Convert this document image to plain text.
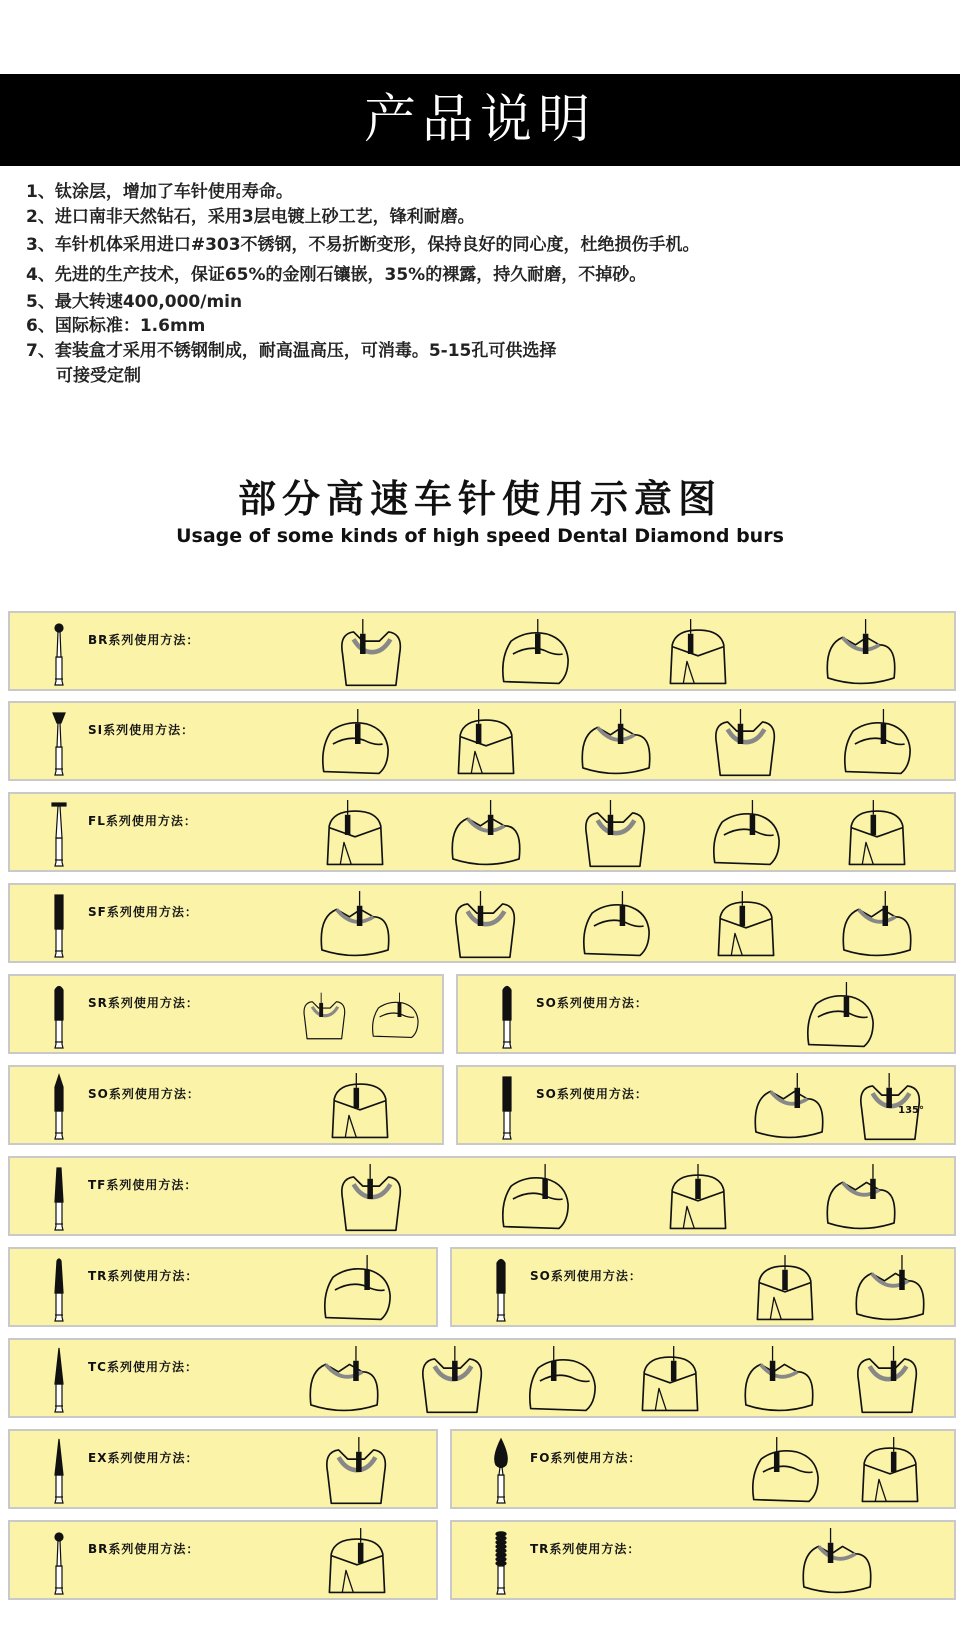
产品说明
1、钛涂层，增加了车针使用寿命。
2、进口南非天然钻石，采用3层电镀上砂工艺，锋利耐磨。
3、车针机体采用进口#303不锈钢，不易折断变形，保持良好的同心度，杜绝损伤手机。
4、先进的生产技术，保证65%的金刚石镶嵌，35%的裸露，持久耐磨，不掉砂。
5、最大转速400,000/min
6、国际标准：1.6mm
7、套装盒才采用不锈钢制成，耐高温高压，可消毒。5-15孔可供选择
可接受定制
部分高速车针使用示意图
Usage of some kinds of high speed Dental Diamond burs
BR系列使用方法：
SI系列使用方法：
FL系列使用方法：
SF系列使用方法：
SR系列使用方法：	SO系列使用方法：
SO系列使用方法：	SO系列使用方法：
135°
TF系列使用方法：
TR系列使用方法：	SO系列使用方法：
TC系列使用方法：
EX系列使用方法：	FO系列使用方法：
BR系列使用方法：	TR系列使用方法：
